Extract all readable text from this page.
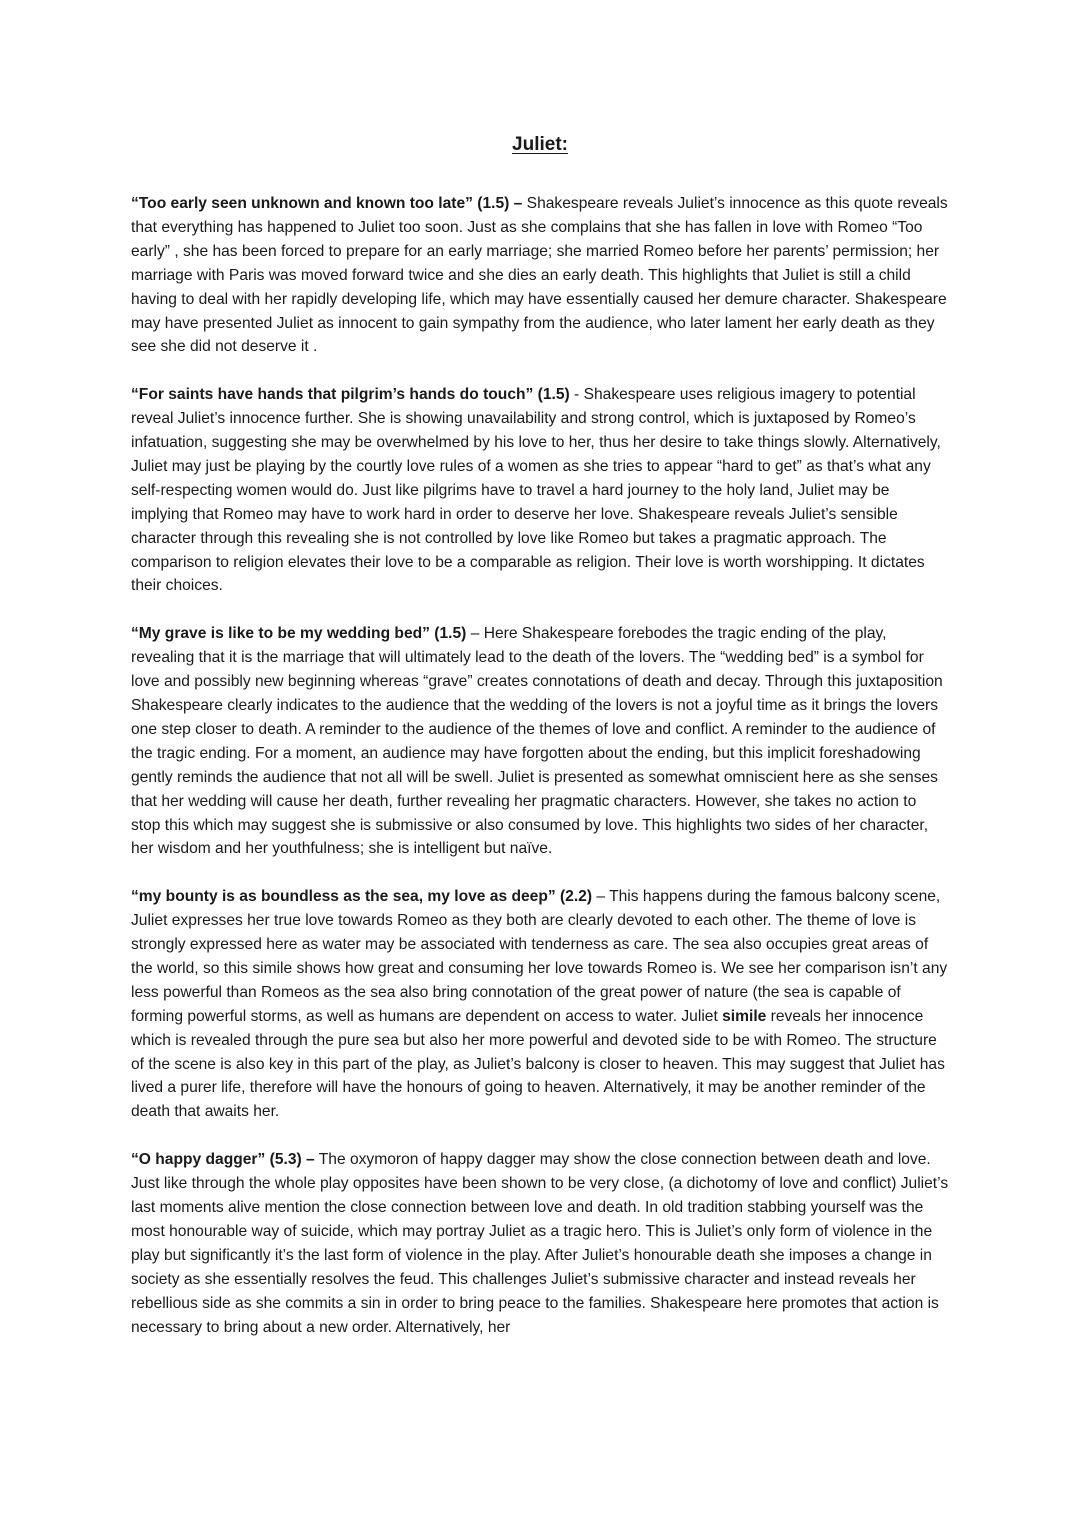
Juliet:

“Too early seen unknown and known too late” (1.5) – Shakespeare reveals Juliet’s innocence as this quote reveals that everything has happened to Juliet too soon. Just as she complains that she has fallen in love with Romeo “Too early” , she has been forced to prepare for an early marriage; she married Romeo before her parents’ permission; her marriage with Paris was moved forward twice and she dies an early death. This highlights that Juliet is still a child having to deal with her rapidly developing life, which may have essentially caused her demure character. Shakespeare may have presented Juliet as innocent to gain sympathy from the audience, who later lament her early death as they see she did not deserve it .

“For saints have hands that pilgrim’s hands do touch” (1.5) - Shakespeare uses religious imagery to potential reveal Juliet’s innocence further. She is showing unavailability and strong control, which is juxtaposed by Romeo’s infatuation, suggesting she may be overwhelmed by his love to her, thus her desire to take things slowly. Alternatively, Juliet may just be playing by the courtly love rules of a women as she tries to appear “hard to get” as that’s what any self-respecting women would do. Just like pilgrims have to travel a hard journey to the holy land, Juliet may be implying that Romeo may have to work hard in order to deserve her love. Shakespeare reveals Juliet’s sensible character through this revealing she is not controlled by love like Romeo but takes a pragmatic approach. The comparison to religion elevates their love to be a comparable as religion. Their love is worth worshipping. It dictates their choices.

“My grave is like to be my wedding bed” (1.5) – Here Shakespeare forebodes the tragic ending of the play, revealing that it is the marriage that will ultimately lead to the death of the lovers. The “wedding bed” is a symbol for love and possibly new beginning whereas “grave” creates connotations of death and decay. Through this juxtaposition Shakespeare clearly indicates to the audience that the wedding of the lovers is not a joyful time as it brings the lovers one step closer to death. A reminder to the audience of the themes of love and conflict. A reminder to the audience of the tragic ending. For a moment, an audience may have forgotten about the ending, but this implicit foreshadowing gently reminds the audience that not all will be swell. Juliet is presented as somewhat omniscient here as she senses that her wedding will cause her death, further revealing her pragmatic characters. However, she takes no action to stop this which may suggest she is submissive or also consumed by love. This highlights two sides of her character, her wisdom and her youthfulness; she is intelligent but naïve.

“my bounty is as boundless as the sea, my love as deep” (2.2) – This happens during the famous balcony scene, Juliet expresses her true love towards Romeo as they both are clearly devoted to each other. The theme of love is strongly expressed here as water may be associated with tenderness as care. The sea also occupies great areas of the world, so this simile shows how great and consuming her love towards Romeo is. We see her comparison isn’t any less powerful than Romeos as the sea also bring connotation of the great power of nature (the sea is capable of forming powerful storms, as well as humans are dependent on access to water. Juliet simile reveals her innocence which is revealed through the pure sea but also her more powerful and devoted side to be with Romeo. The structure of the scene is also key in this part of the play, as Juliet’s balcony is closer to heaven. This may suggest that Juliet has lived a purer life, therefore will have the honours of going to heaven. Alternatively, it may be another reminder of the death that awaits her.

“O happy dagger” (5.3) – The oxymoron of happy dagger may show the close connection between death and love. Just like through the whole play opposites have been shown to be very close, (a dichotomy of love and conflict) Juliet’s last moments alive mention the close connection between love and death. In old tradition stabbing yourself was the most honourable way of suicide, which may portray Juliet as a tragic hero. This is Juliet’s only form of violence in the play but significantly it’s the last form of violence in the play. After Juliet’s honourable death she imposes a change in society as she essentially resolves the feud. This challenges Juliet’s submissive character and instead reveals her rebellious side as she commits a sin in order to bring peace to the families. Shakespeare here promotes that action is necessary to bring about a new order. Alternatively, her
